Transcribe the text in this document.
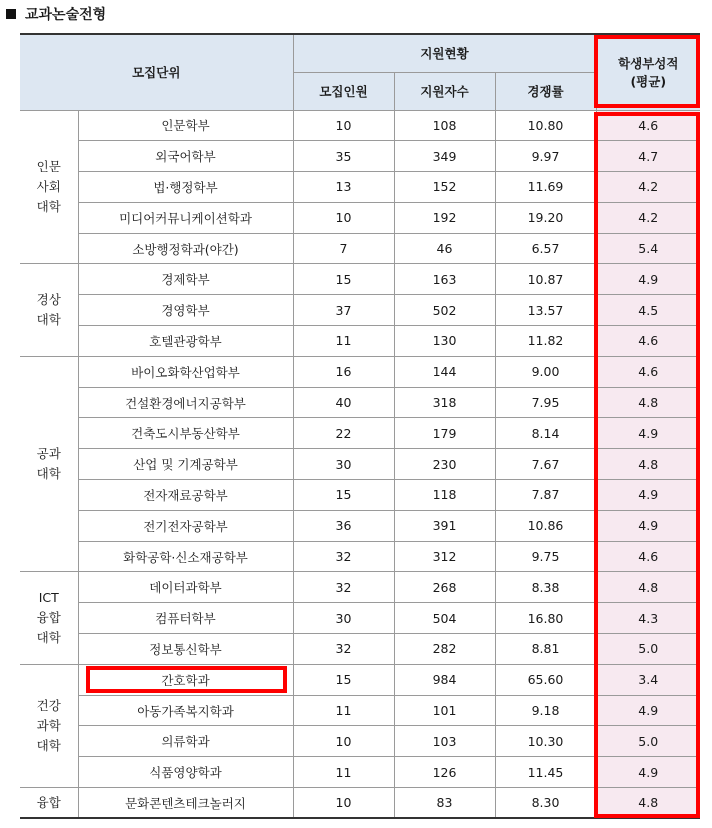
교과논술전형
모집단위		지원현황			학생부성적
(평균)
		모집인원	지원자수	경쟁률	
인문
사회
대학	인문학부	10	108	10.80	4.6
	외국어학부	35	349	9.97	4.7
	법·행정학부	13	152	11.69	4.2
	미디어커뮤니케이션학과	10	192	19.20	4.2
	소방행정학과(야간)	7	46	6.57	5.4
경상
대학	경제학부	15	163	10.87	4.9
	경영학부	37	502	13.57	4.5
	호텔관광학부	11	130	11.82	4.6
공과
대학	바이오화학산업학부	16	144	9.00	4.6
	건설환경에너지공학부	40	318	7.95	4.8
	건축도시부동산학부	22	179	8.14	4.9
	산업 및 기계공학부	30	230	7.67	4.8
	전자재료공학부	15	118	7.87	4.9
	전기전자공학부	36	391	10.86	4.9
	화학공학·신소재공학부	32	312	9.75	4.6
ICT
융합
대학	데이터과학부	32	268	8.38	4.8
	컴퓨터학부	30	504	16.80	4.3
	정보통신학부	32	282	8.81	5.0
건강
과학
대학	간호학과	15	984	65.60	3.4
	아동가족복지학과	11	101	9.18	4.9
	의류학과	10	103	10.30	5.0
	식품영양학과	11	126	11.45	4.9
융합	문화콘텐츠테크놀러지	10	83	8.30	4.8
